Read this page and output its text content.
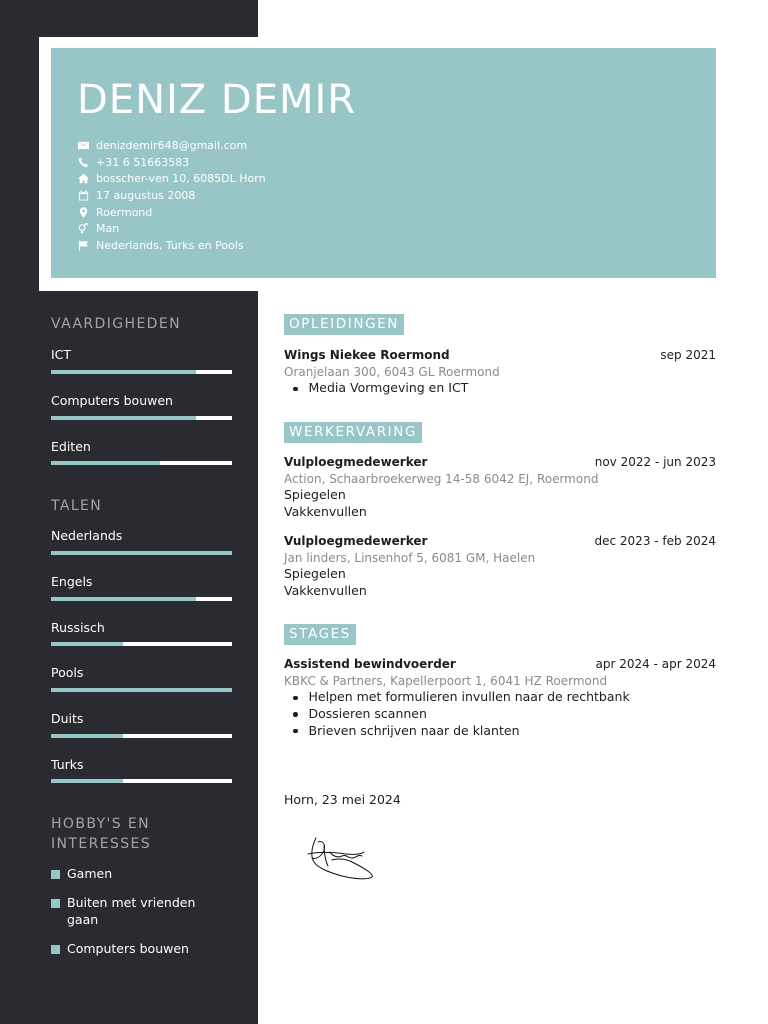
DENIZ DEMIR
denizdemir648@gmail.com
+31 6 51663583
bosscher-ven 10, 6085DL Horn
17 augustus 2008
Roermond
Man
Nederlands, Turks en Pools
VAARDIGHEDEN
ICT
Computers bouwen
Editen
TALEN
Nederlands
Engels
Russisch
Pools
Duits
Turks
HOBBY'S EN
INTERESSES
Gamen
Buiten met vrienden
gaan
Computers bouwen
OPLEIDINGEN
Wings Niekee Roermond	sep 2021
Oranjelaan 300, 6043 GL Roermond
Media Vormgeving en ICT
WERKERVARING
Vulploegmedewerker	nov 2022 - jun 2023
Action, Schaarbroekerweg 14-58 6042 EJ, Roermond
Spiegelen
Vakkenvullen
Vulploegmedewerker	dec 2023 - feb 2024
Jan linders, Linsenhof 5, 6081 GM, Haelen
Spiegelen
Vakkenvullen
STAGES
Assistend bewindvoerder	apr 2024 - apr 2024
KBKC & Partners, Kapellerpoort 1, 6041 HZ Roermond
Helpen met formulieren invullen naar de rechtbank
Dossieren scannen
Brieven schrijven naar de klanten
Horn, 23 mei 2024
